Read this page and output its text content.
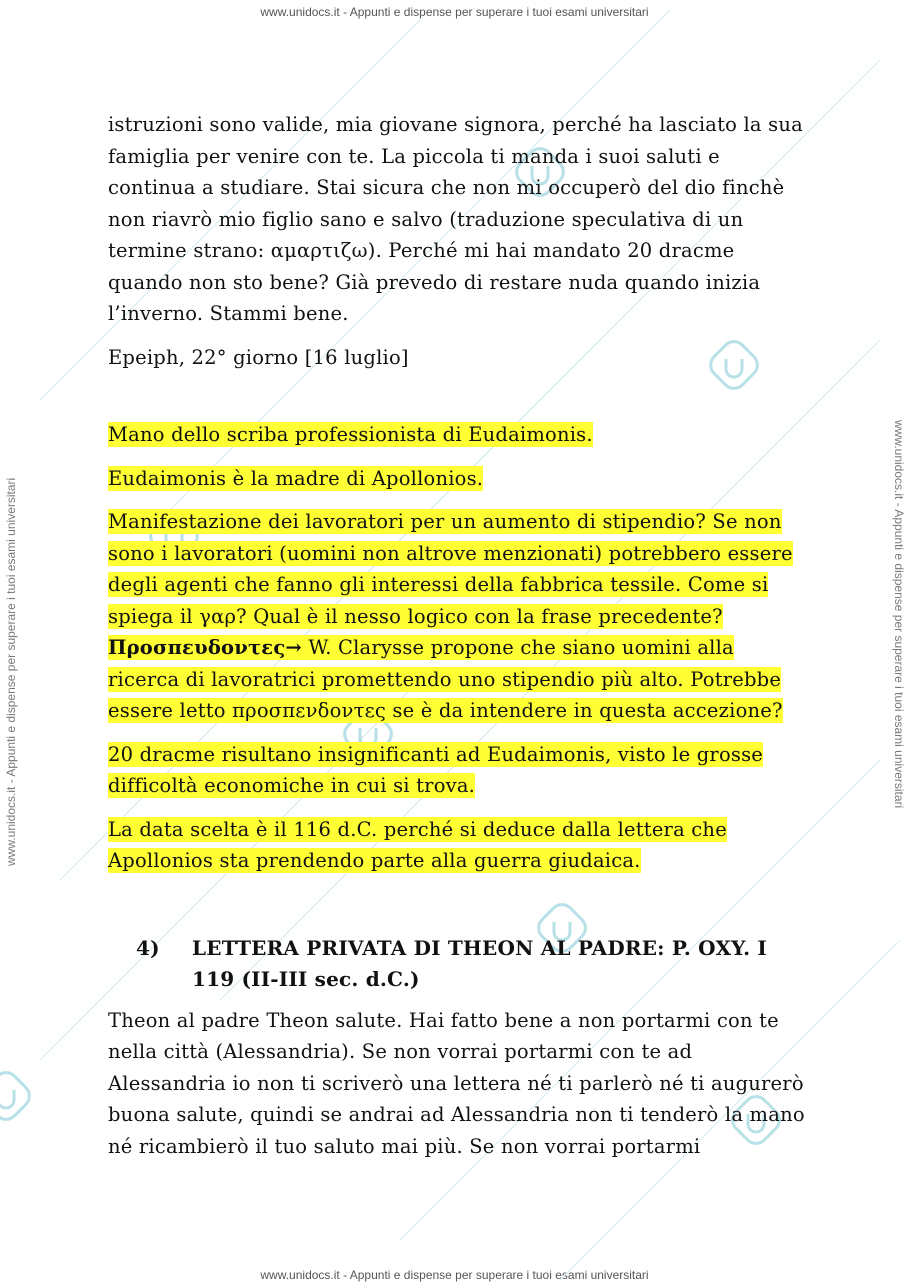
www.unidocs.it - Appunti e dispense per superare i tuoi esami universitari
www.unidocs.it - Appunti e dispense per superare i tuoi esami universitari
www.unidocs.it - Appunti e dispense per superare i tuoi esami universitari	www.unidocs.it - Appunti e dispense per superare i tuoi esami universitari

istruzioni sono valide, mia giovane signora, perché ha lasciato la sua famiglia per venire con te. La piccola ti manda i suoi saluti e continua a studiare. Stai sicura che non mi occuperò del dio finchè non riavrò mio figlio sano e salvo (traduzione speculativa di un termine strano: αμαρτιζω). Perché mi hai mandato 20 dracme quando non sto bene? Già prevedo di restare nuda quando inizia l’inverno. Stammi bene.

Epeiph, 22° giorno [16 luglio]

Mano dello scriba professionista di Eudaimonis.

Eudaimonis è la madre di Apollonios.

Manifestazione dei lavoratori per un aumento di stipendio? Se non sono i lavoratori (uomini non altrove menzionati) potrebbero essere degli agenti che fanno gli interessi della fabbrica tessile. Come si spiega il γαρ? Qual è il nesso logico con la frase precedente? Προσπευδοντες→ W. Clarysse propone che siano uomini alla ricerca di lavoratrici promettendo uno stipendio più alto. Potrebbe essere letto προσπενδοντες se è da intendere in questa accezione?

20 dracme risultano insignificanti ad Eudaimonis, visto le grosse difficoltà economiche in cui si trova.

La data scelta è il 116 d.C. perché si deduce dalla lettera che Apollonios sta prendendo parte alla guerra giudaica.

4)	LETTERA PRIVATA DI THEON AL PADRE: P. OXY. I 119 (II-III sec. d.C.)

Theon al padre Theon salute. Hai fatto bene a non portarmi con te nella città (Alessandria). Se non vorrai portarmi con te ad Alessandria io non ti scriverò una lettera né ti parlerò né ti augurerò buona salute, quindi se andrai ad Alessandria non ti tenderò la mano né ricambierò il tuo saluto mai più. Se non vorrai portarmi
